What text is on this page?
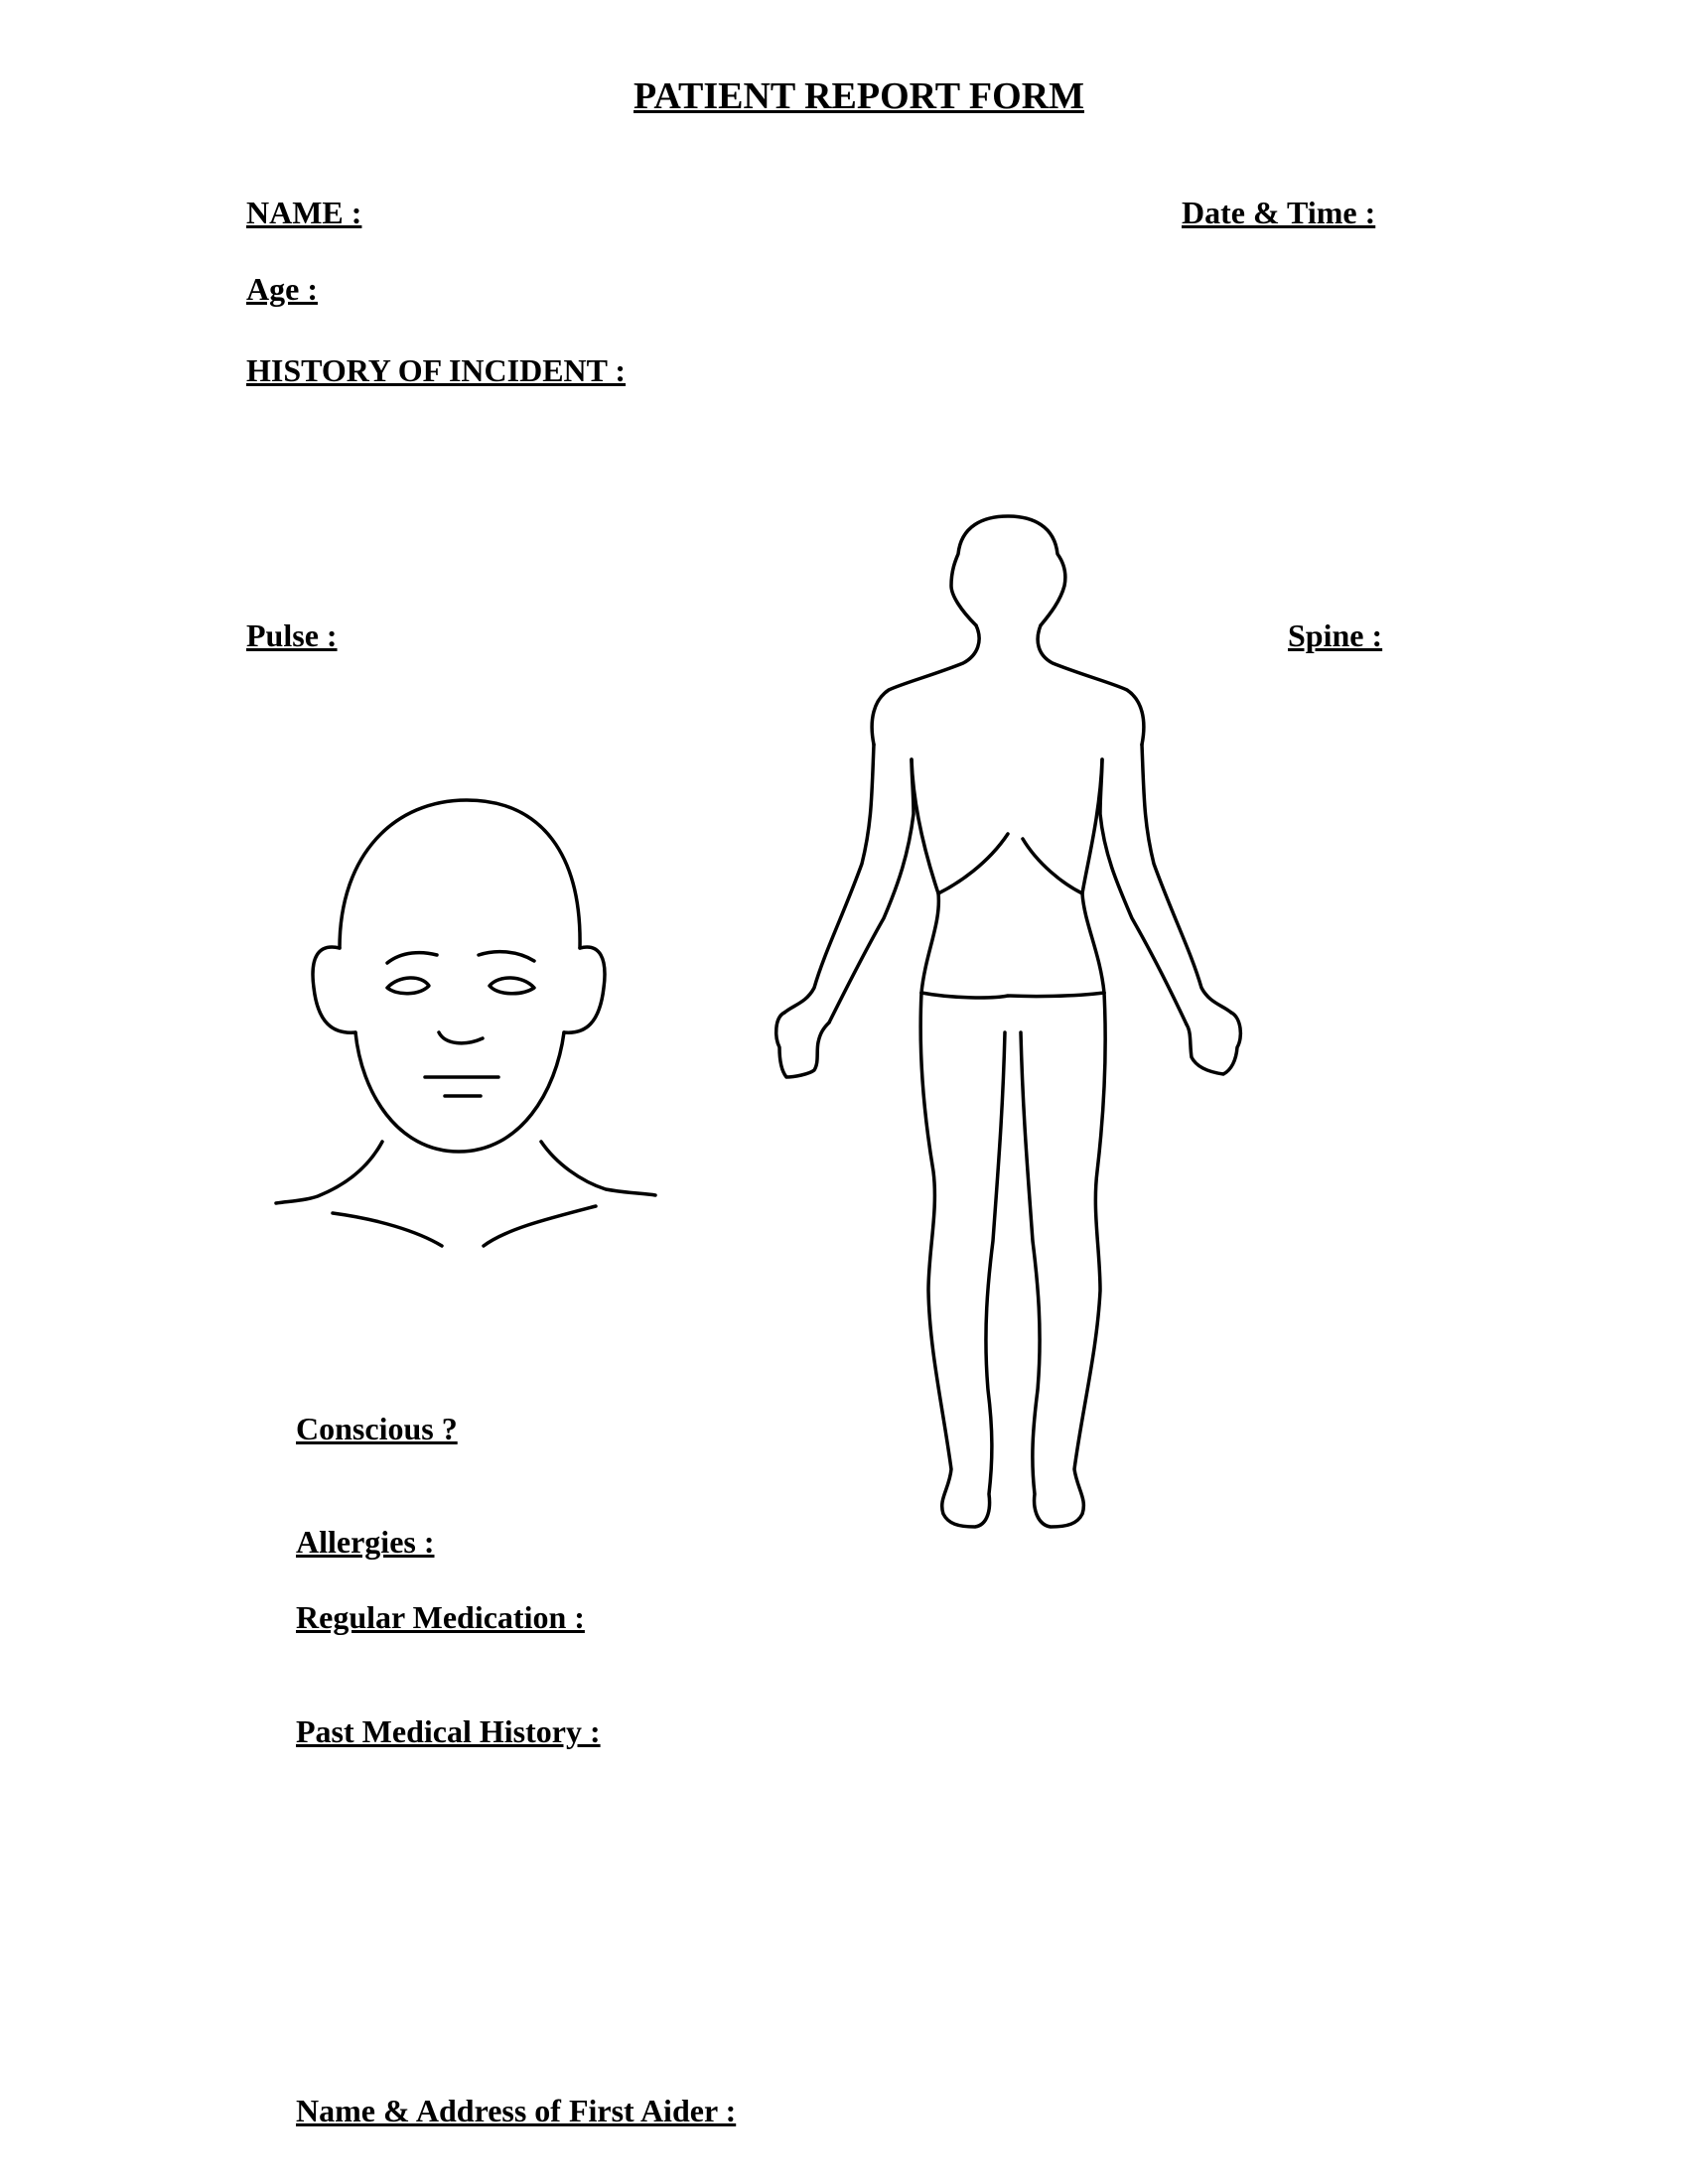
PATIENT REPORT FORM
NAME :	Date & Time :
Age :
HISTORY OF INCIDENT :
Pulse :	Spine :
Conscious ?
Allergies :
Regular Medication :
Past Medical History :
Name & Address of First Aider :
